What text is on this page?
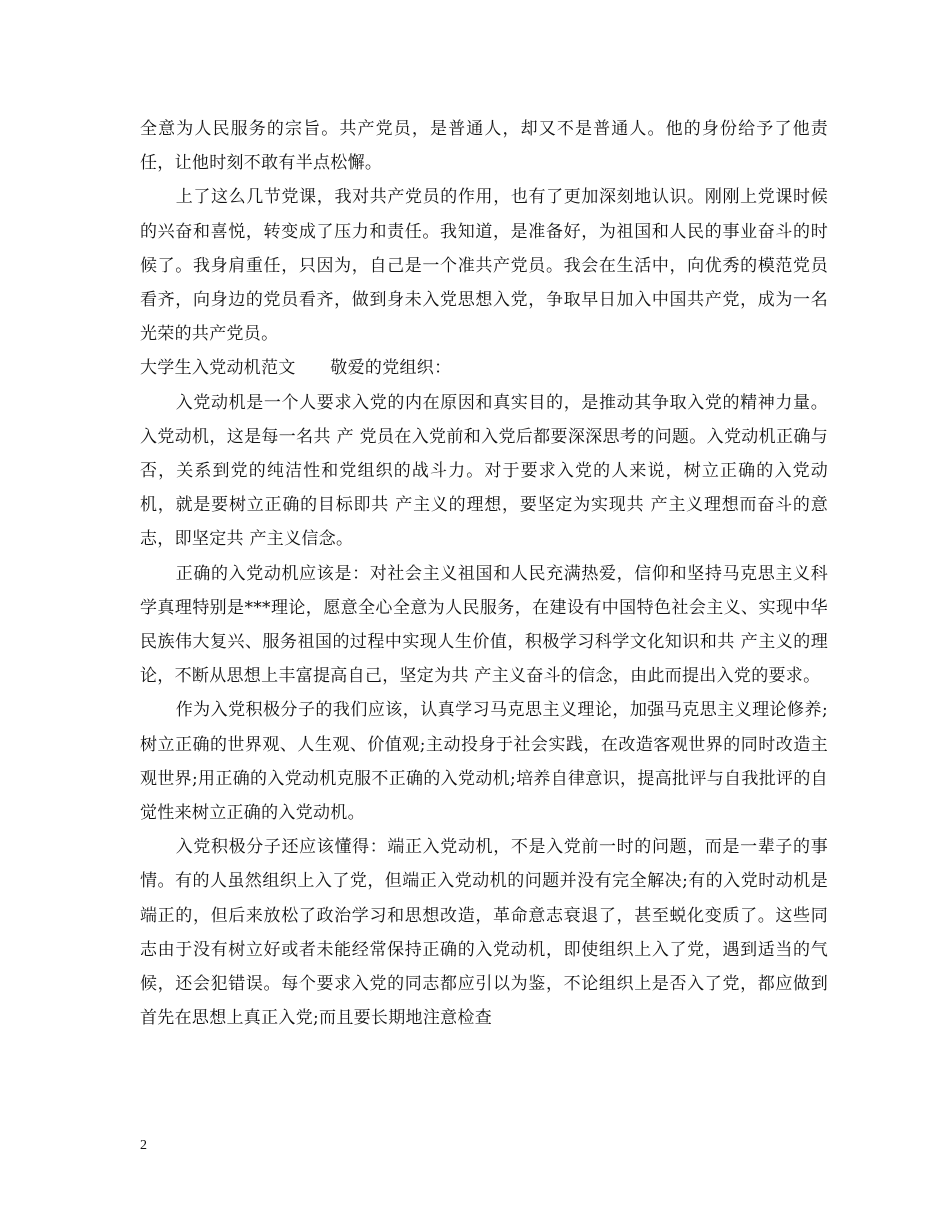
全意为人民服务的宗旨。共产党员，是普通人，却又不是普通人。他的身份给予了他责任，让他时刻不敢有半点松懈。

上了这么几节党课，我对共产党员的作用，也有了更加深刻地认识。刚刚上党课时候的兴奋和喜悦，转变成了压力和责任。我知道，是准备好，为祖国和人民的事业奋斗的时候了。我身肩重任，只因为，自己是一个准共产党员。我会在生活中，向优秀的模范党员看齐，向身边的党员看齐，做到身未入党思想入党，争取早日加入中国共产党，成为一名光荣的共产党员。

大学生入党动机范文　　敬爱的党组织：

入党动机是一个人要求入党的内在原因和真实目的，是推动其争取入党的精神力量。入党动机，这是每一名共 产 党员在入党前和入党后都要深深思考的问题。入党动机正确与否，关系到党的纯洁性和党组织的战斗力。对于要求入党的人来说，树立正确的入党动机，就是要树立正确的目标即共 产主义的理想，要坚定为实现共 产主义理想而奋斗的意志，即坚定共 产主义信念。

正确的入党动机应该是：对社会主义祖国和人民充满热爱，信仰和坚持马克思主义科学真理特别是***理论，愿意全心全意为人民服务，在建设有中国特色社会主义、实现中华民族伟大复兴、服务祖国的过程中实现人生价值，积极学习科学文化知识和共 产主义的理论，不断从思想上丰富提高自己，坚定为共 产主义奋斗的信念，由此而提出入党的要求。

作为入党积极分子的我们应该，认真学习马克思主义理论，加强马克思主义理论修养;树立正确的世界观、人生观、价值观;主动投身于社会实践，在改造客观世界的同时改造主观世界;用正确的入党动机克服不正确的入党动机;培养自律意识，提高批评与自我批评的自觉性来树立正确的入党动机。

入党积极分子还应该懂得：端正入党动机，不是入党前一时的问题，而是一辈子的事情。有的人虽然组织上入了党，但端正入党动机的问题并没有完全解决;有的入党时动机是端正的，但后来放松了政治学习和思想改造，革命意志衰退了，甚至蜕化变质了。这些同志由于没有树立好或者未能经常保持正确的入党动机，即使组织上入了党，遇到适当的气候，还会犯错误。每个要求入党的同志都应引以为鉴，不论组织上是否入了党，都应做到首先在思想上真正入党;而且要长期地注意检查

2
